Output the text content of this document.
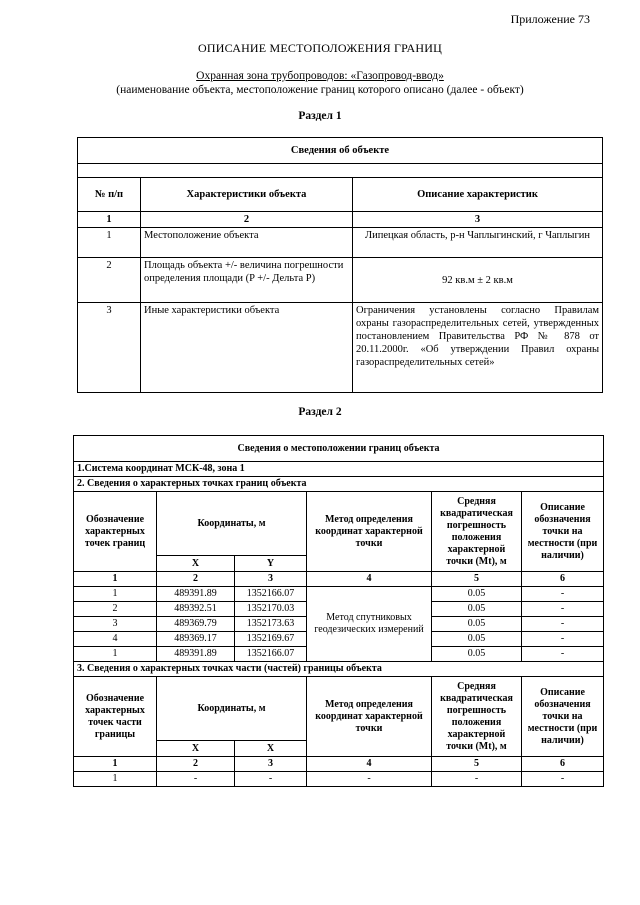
Приложение 73
ОПИСАНИЕ МЕСТОПОЛОЖЕНИЯ ГРАНИЦ
Охранная зона трубопроводов: «Газопровод-ввод»
(наименование объекта, местоположение границ которого описано (далее - объект)
Раздел 1
Сведения об объекте		

№ п/п	Характеристики объекта	Описание характеристик
1	2	3
1	Местоположение объекта	Липецкая область, р-н Чаплыгинский, г Чаплыгин
2	Площадь объекта +/- величина погрешности определения площади (P +/- Дельта P)	92 кв.м ± 2 кв.м
3	Иные характеристики объекта	Ограничения установлены согласно Правилам охраны газораспределительных сетей, утвержденных постановлением Правительства РФ № 878 от 20.11.2000г. «Об утверждении Правил охраны газораспределительных сетей»
Раздел 2
Сведения о местоположении границ объекта					
1.Система координат МСК-48, зона 1					
2. Сведения о характерных точках границ объекта					
Обозначение характерных точек границ	Координаты, м		Метод определения координат характерной точки	Средняя квадратическая погрешность положения характерной точки (Mt), м	Описание обозначения точки на местности (при наличии)
	X	Y			
1	2	3	4	5	6
1	489391.89	1352166.07	Метод спутниковых геодезических измерений	0.05	-
2	489392.51	1352170.03		0.05	-
3	489369.79	1352173.63		0.05	-
4	489369.17	1352169.67		0.05	-
1	489391.89	1352166.07		0.05	-
3. Сведения о характерных точках части (частей) границы объекта					
Обозначение характерных точек части границы	Координаты, м		Метод определения координат характерной точки	Средняя квадратическая погрешность положения характерной точки (Mt), м	Описание обозначения точки на местности (при наличии)
	X	X			
1	2	3	4	5	6
1	-	-	-	-	-
